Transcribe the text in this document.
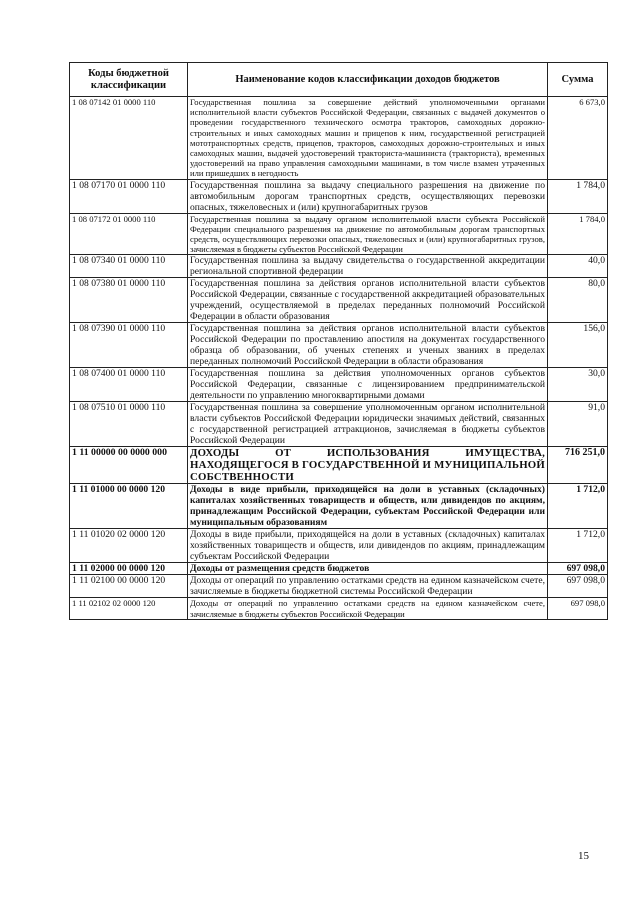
Коды бюджетной классификации	Наименование кодов классификации доходов бюджетов	Сумма
1 08 07142 01 0000 110	Государственная пошлина за совершение действий уполномоченными органами исполнительной власти субъектов Российской Федерации, связанных с выдачей документов о проведении государственного технического осмотра тракторов, самоходных дорожно-строительных и иных самоходных машин и прицепов к ним, государственной регистрацией мототранспортных средств, прицепов, тракторов, самоходных дорожно-строительных и иных самоходных машин, выдачей удостоверений тракториста-машиниста (тракториста), временных удостоверений на право управления самоходными машинами, в том числе взамен утраченных или пришедших в негодность	6 673,0
1 08 07170 01 0000 110	Государственная пошлина за выдачу специального разрешения на движение по автомобильным дорогам транспортных средств, осуществляющих перевозки опасных, тяжеловесных и (или) крупногабаритных грузов	1 784,0
1 08 07172 01 0000 110	Государственная пошлина за выдачу органом исполнительной власти субъекта Российской Федерации специального разрешения на движение по автомобильным дорогам транспортных средств, осуществляющих перевозки опасных, тяжеловесных и (или) крупногабаритных грузов, зачисляемая в бюджеты субъектов Российской Федерации	1 784,0
1 08 07340 01 0000 110	Государственная пошлина за выдачу свидетельства о государственной аккредитации региональной спортивной федерации	40,0
1 08 07380 01 0000 110	Государственная пошлина за действия органов исполнительной власти субъектов Российской Федерации, связанные с государственной аккредитацией образовательных учреждений, осуществляемой в пределах переданных полномочий Российской Федерации в области образования	80,0
1 08 07390 01 0000 110	Государственная пошлина за действия органов исполнительной власти субъектов Российской Федерации по проставлению апостиля на документах государственного образца об образовании, об ученых степенях и ученых званиях в пределах переданных полномочий Российской Федерации в области образования	156,0
1 08 07400 01 0000 110	Государственная пошлина за действия уполномоченных органов субъектов Российской Федерации, связанные с лицензированием предпринимательской деятельности по управлению многоквартирными домами	30,0
1 08 07510 01 0000 110	Государственная пошлина за совершение уполномоченным органом исполнительной власти субъектов Российской Федерации юридически значимых действий, связанных с государственной регистрацией аттракционов, зачисляемая в бюджеты субъектов Российской Федерации	91,0
1 11 00000 00 0000 000	ДОХОДЫ ОТ ИСПОЛЬЗОВАНИЯ ИМУЩЕСТВА, НАХОДЯЩЕГОСЯ В ГОСУДАРСТВЕННОЙ И МУНИЦИПАЛЬНОЙ СОБСТВЕННОСТИ	716 251,0
1 11 01000 00 0000 120	Доходы в виде прибыли, приходящейся на доли в уставных (складочных) капиталах хозяйственных товариществ и обществ, или дивидендов по акциям, принадлежащим Российской Федерации, субъектам Российской Федерации или муниципальным образованиям	1 712,0
1 11 01020 02 0000 120	Доходы в виде прибыли, приходящейся на доли в уставных (складочных) капиталах хозяйственных товариществ и обществ, или дивидендов по акциям, принадлежащим субъектам Российской Федерации	1 712,0
1 11 02000 00 0000 120	Доходы от размещения средств бюджетов	697 098,0
1 11 02100 00 0000 120	Доходы от операций по управлению остатками средств на едином казначейском счете, зачисляемые в бюджеты бюджетной системы Российской Федерации	697 098,0
1 11 02102 02 0000 120	Доходы от операций по управлению остатками средств на едином казначейском счете, зачисляемые в бюджеты субъектов Российской Федерации	697 098,0
15
